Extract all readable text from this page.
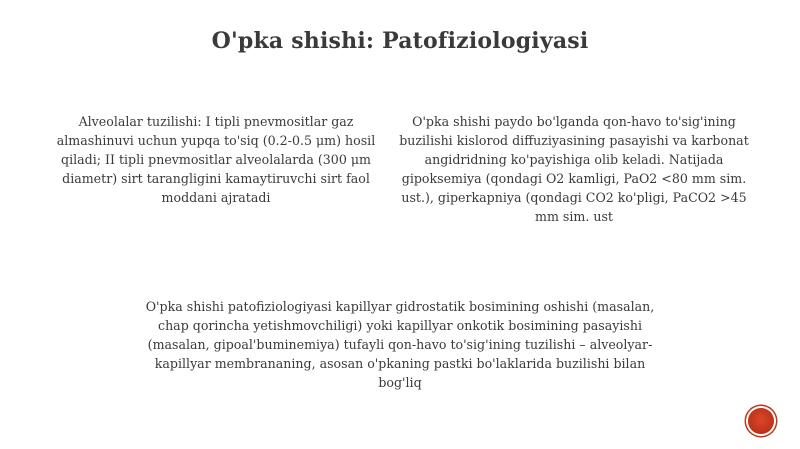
O'pka shishi: Patofiziologiyasi

Alveolalar tuzilishi: I tipli pnevmositlar gaz almashinuvi uchun yupqa to'siq (0.2-0.5 μm) hosil qiladi; II tipli pnevmositlar alveolalarda (300 μm diametr) sirt tarangligini kamaytiruvchi sirt faol moddani ajratadi

O'pka shishi paydo bo'lganda qon-havo to'sig'ining buzilishi kislorod diffuziyasining pasayishi va karbonat angidridning ko'payishiga olib keladi. Natijada gipoksemiya (qondagi O2 kamligi, PaO2 <80 mm sim. ust.), giperkapniya (qondagi CO2 ko'pligi, PaCO2 >45 mm sim. ust

O'pka shishi patofiziologiyasi kapillyar gidrostatik bosimining oshishi (masalan, chap qorincha yetishmovchiligi) yoki kapillyar onkotik bosimining pasayishi (masalan, gipoal'buminemiya) tufayli qon-havo to'sig'ining tuzilishi – alveolyar-kapillyar membrananing, asosan o'pkaning pastki bo'laklarida buzilishi bilan bog'liq
